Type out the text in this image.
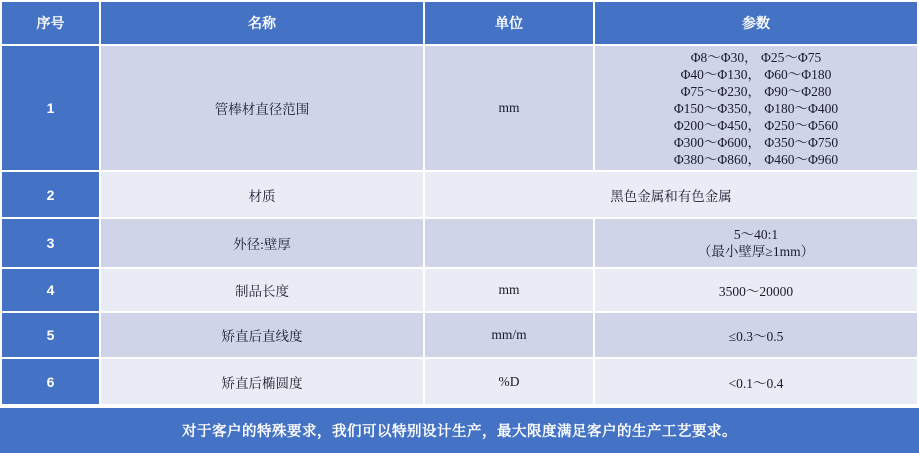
序号	名称	单位	参数
1	管棒材直径范围	mm	
Φ8～Φ30， Φ25～Φ75
Φ40～Φ130， Φ60～Φ180
Φ75～Φ230， Φ90～Φ280
Φ150～Φ350， Φ180～Φ400
Φ200～Φ450， Φ250～Φ560
Φ300～Φ600， Φ350～Φ750
Φ380～Φ860， Φ460～Φ960

2	材质	黑色金属和有色金属	
3	外径:壁厚		5～40:1
（最小壁厚≥1mm）

4	制品长度	mm	3500～20000
5	矫直后直线度	mm/m	≤0.3～0.5
6	矫直后椭圆度	%D	<0.1～0.4
对于客户的特殊要求，我们可以特别设计生产，最大限度满足客户的生产工艺要求。
